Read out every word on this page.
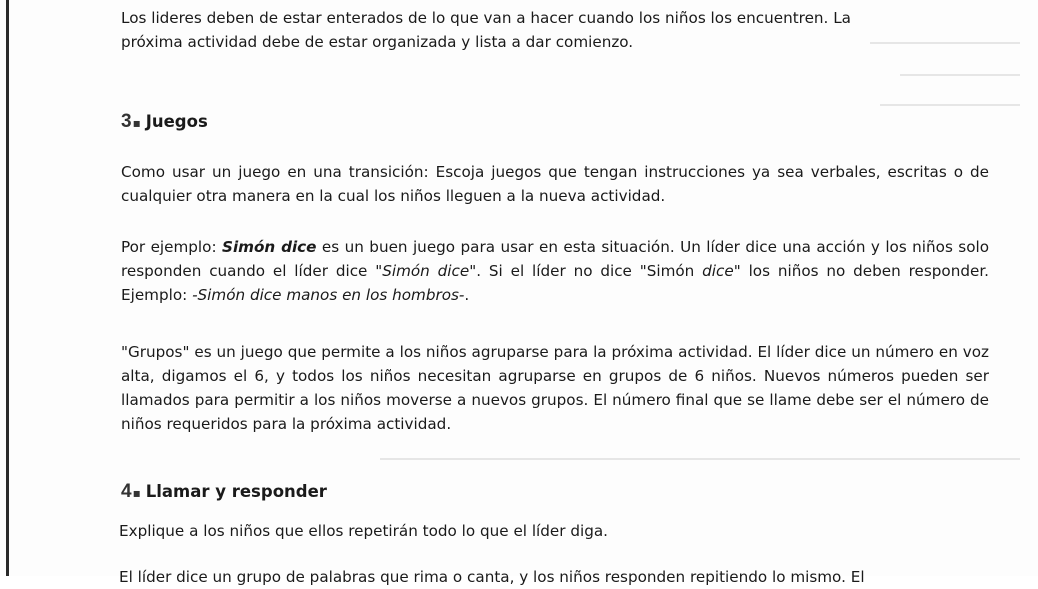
Los lideres deben de estar enterados de lo que van a hacer cuando los niños los encuentren. La
próxima actividad debe de estar organizada y lista a dar comienzo.

3 ▪ Juegos

Como usar un juego en una transición: Escoja juegos que tengan instrucciones ya sea verbales, escritas o de cualquier otra manera en la cual los niños lleguen a la nueva actividad.

Por ejemplo: Simón dice es un buen juego para usar en esta situación. Un líder dice una acción y los niños solo responden cuando el líder dice "Simón dice". Si el líder no dice "Simón dice" los niños no deben responder. Ejemplo: -Simón dice manos en los hombros-.

"Grupos" es un juego que permite a los niños agruparse para la próxima actividad. El líder dice un número en voz alta, digamos el 6, y todos los niños necesitan agruparse en grupos de 6 niños. Nuevos números pueden ser llamados para permitir a los niños moverse a nuevos grupos. El número final que se llame debe ser el número de niños requeridos para la próxima actividad.

4 ▪ Llamar y responder

Explique a los niños que ellos repetirán todo lo que el líder diga.

El líder dice un grupo de palabras que rima o canta, y los niños responden repitiendo lo mismo. El
